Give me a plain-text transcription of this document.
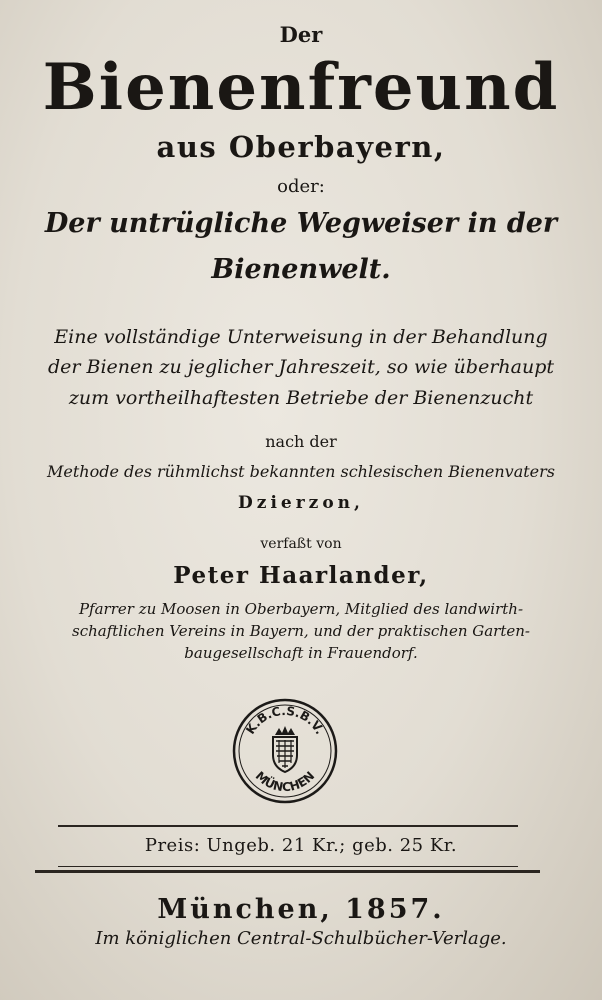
Der
Bienenfreund
aus Oberbayern,
oder:
Der untrügliche Wegweiser in der
Bienenwelt.
Eine vollständige Unterweisung in der Behandlung
der Bienen zu jeglicher Jahreszeit, so wie überhaupt
zum vortheilhaftesten Betriebe der Bienenzucht
nach der
Methode des rühmlichst bekannten schlesischen Bienenvaters
Dzierzon,
verfaßt von
Peter Haarlander,
Pfarrer zu Moosen in Oberbayern, Mitglied des landwirth-
schaftlichen Vereins in Bayern, und der praktischen Garten-
baugesellschaft in Frauendorf.
K.B.C.S.B.V.
MÜNCHEN
Preis: Ungeb. 21 Kr.; geb. 25 Kr.
München, 1857.
Im königlichen Central-Schulbücher-Verlage.
